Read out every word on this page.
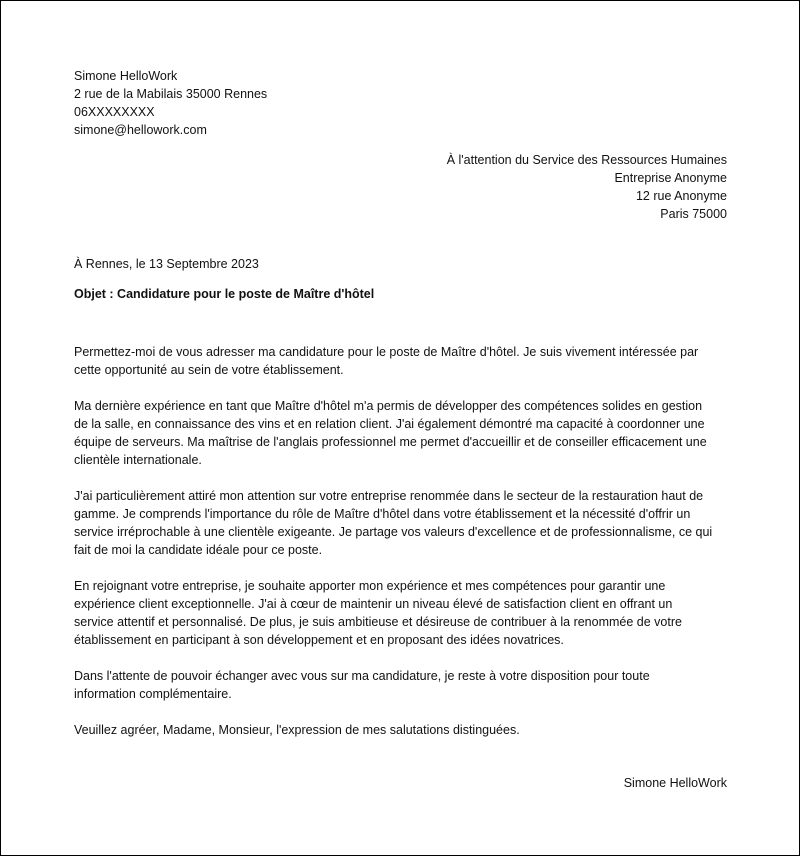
Simone HelloWork
2 rue de la Mabilais 35000 Rennes
06XXXXXXXX
simone@hellowork.com
À l'attention du Service des Ressources Humaines
Entreprise Anonyme
12 rue Anonyme
Paris 75000
À Rennes, le 13 Septembre 2023
Objet : Candidature pour le poste de Maître d'hôtel

Permettez-moi de vous adresser ma candidature pour le poste de Maître d'hôtel. Je suis vivement intéressée par
cette opportunité au sein de votre établissement.

Ma dernière expérience en tant que Maître d'hôtel m'a permis de développer des compétences solides en gestion
de la salle, en connaissance des vins et en relation client. J'ai également démontré ma capacité à coordonner une
équipe de serveurs. Ma maîtrise de l'anglais professionnel me permet d'accueillir et de conseiller efficacement une
clientèle internationale.

J'ai particulièrement attiré mon attention sur votre entreprise renommée dans le secteur de la restauration haut de
gamme. Je comprends l'importance du rôle de Maître d'hôtel dans votre établissement et la nécessité d'offrir un
service irréprochable à une clientèle exigeante. Je partage vos valeurs d'excellence et de professionnalisme, ce qui
fait de moi la candidate idéale pour ce poste.

En rejoignant votre entreprise, je souhaite apporter mon expérience et mes compétences pour garantir une
expérience client exceptionnelle. J'ai à cœur de maintenir un niveau élevé de satisfaction client en offrant un
service attentif et personnalisé. De plus, je suis ambitieuse et désireuse de contribuer à la renommée de votre
établissement en participant à son développement et en proposant des idées novatrices.

Dans l'attente de pouvoir échanger avec vous sur ma candidature, je reste à votre disposition pour toute
information complémentaire.

Veuillez agréer, Madame, Monsieur, l'expression de mes salutations distinguées.

Simone HelloWork
